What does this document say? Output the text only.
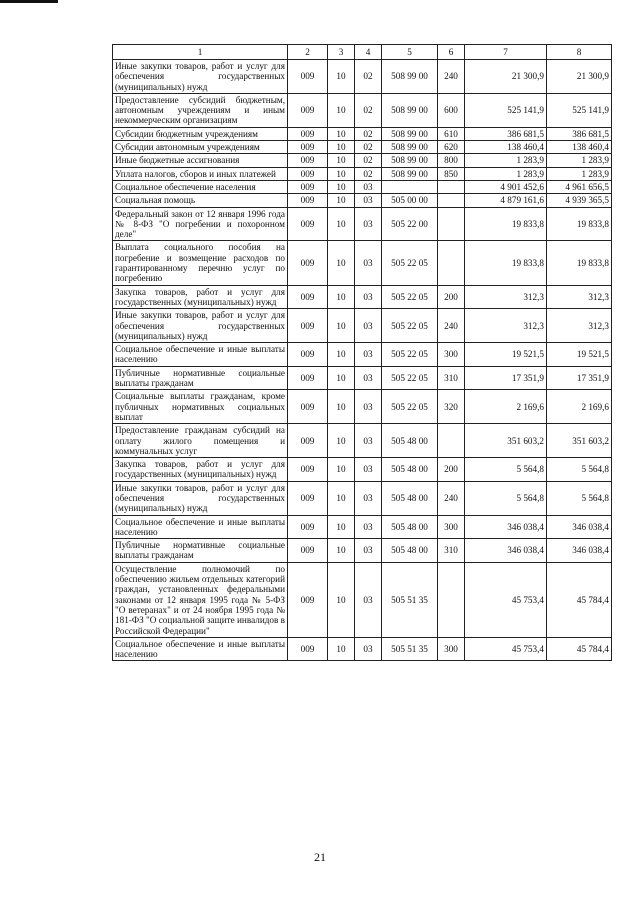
1	2	3	4	5	6	7	8
Иные закупки товаров, работ и услуг для обеспечения государственных (муниципальных) нужд	009	10	02	508 99 00	240	21 300,9	21 300,9
Предоставление субсидий бюджетным, автономным учреждениям и иным некоммерческим организациям	009	10	02	508 99 00	600	525 141,9	525 141,9
Субсидии бюджетным учреждениям	009	10	02	508 99 00	610	386 681,5	386 681,5
Субсидии автономным учреждениям	009	10	02	508 99 00	620	138 460,4	138 460,4
Иные бюджетные ассигнования	009	10	02	508 99 00	800	1 283,9	1 283,9
Уплата налогов, сборов и иных платежей	009	10	02	508 99 00	850	1 283,9	1 283,9
Социальное обеспечение населения	009	10	03			4 901 452,6	4 961 656,5
Социальная помощь	009	10	03	505 00 00		4 879 161,6	4 939 365,5
Федеральный закон от 12 января 1996 года № 8-ФЗ "О погребении и похоронном деле"	009	10	03	505 22 00		19 833,8	19 833,8
Выплата социального пособия на погребение и возмещение расходов по гарантированному перечню услуг по погребению	009	10	03	505 22 05		19 833,8	19 833,8
Закупка товаров, работ и услуг для государственных (муниципальных) нужд	009	10	03	505 22 05	200	312,3	312,3
Иные закупки товаров, работ и услуг для обеспечения государственных (муниципальных) нужд	009	10	03	505 22 05	240	312,3	312,3
Социальное обеспечение и иные выплаты населению	009	10	03	505 22 05	300	19 521,5	19 521,5
Публичные нормативные социальные выплаты гражданам	009	10	03	505 22 05	310	17 351,9	17 351,9
Социальные выплаты гражданам, кроме публичных нормативных социальных выплат	009	10	03	505 22 05	320	2 169,6	2 169,6
Предоставление гражданам субсидий на оплату жилого помещения и коммунальных услуг	009	10	03	505 48 00		351 603,2	351 603,2
Закупка товаров, работ и услуг для государственных (муниципальных) нужд	009	10	03	505 48 00	200	5 564,8	5 564,8
Иные закупки товаров, работ и услуг для обеспечения государственных (муниципальных) нужд	009	10	03	505 48 00	240	5 564,8	5 564,8
Социальное обеспечение и иные выплаты населению	009	10	03	505 48 00	300	346 038,4	346 038,4
Публичные нормативные социальные выплаты гражданам	009	10	03	505 48 00	310	346 038,4	346 038,4
Осуществление полномочий по обеспечению жильем отдельных категорий граждан, установленных федеральными законами от 12 января 1995 года № 5-ФЗ "О ветеранах" и от 24 ноября 1995 года № 181-ФЗ "О социальной защите инвалидов в Российской Федерации"	009	10	03	505 51 35		45 753,4	45 784,4
Социальное обеспечение и иные выплаты населению	009	10	03	505 51 35	300	45 753,4	45 784,4
21
